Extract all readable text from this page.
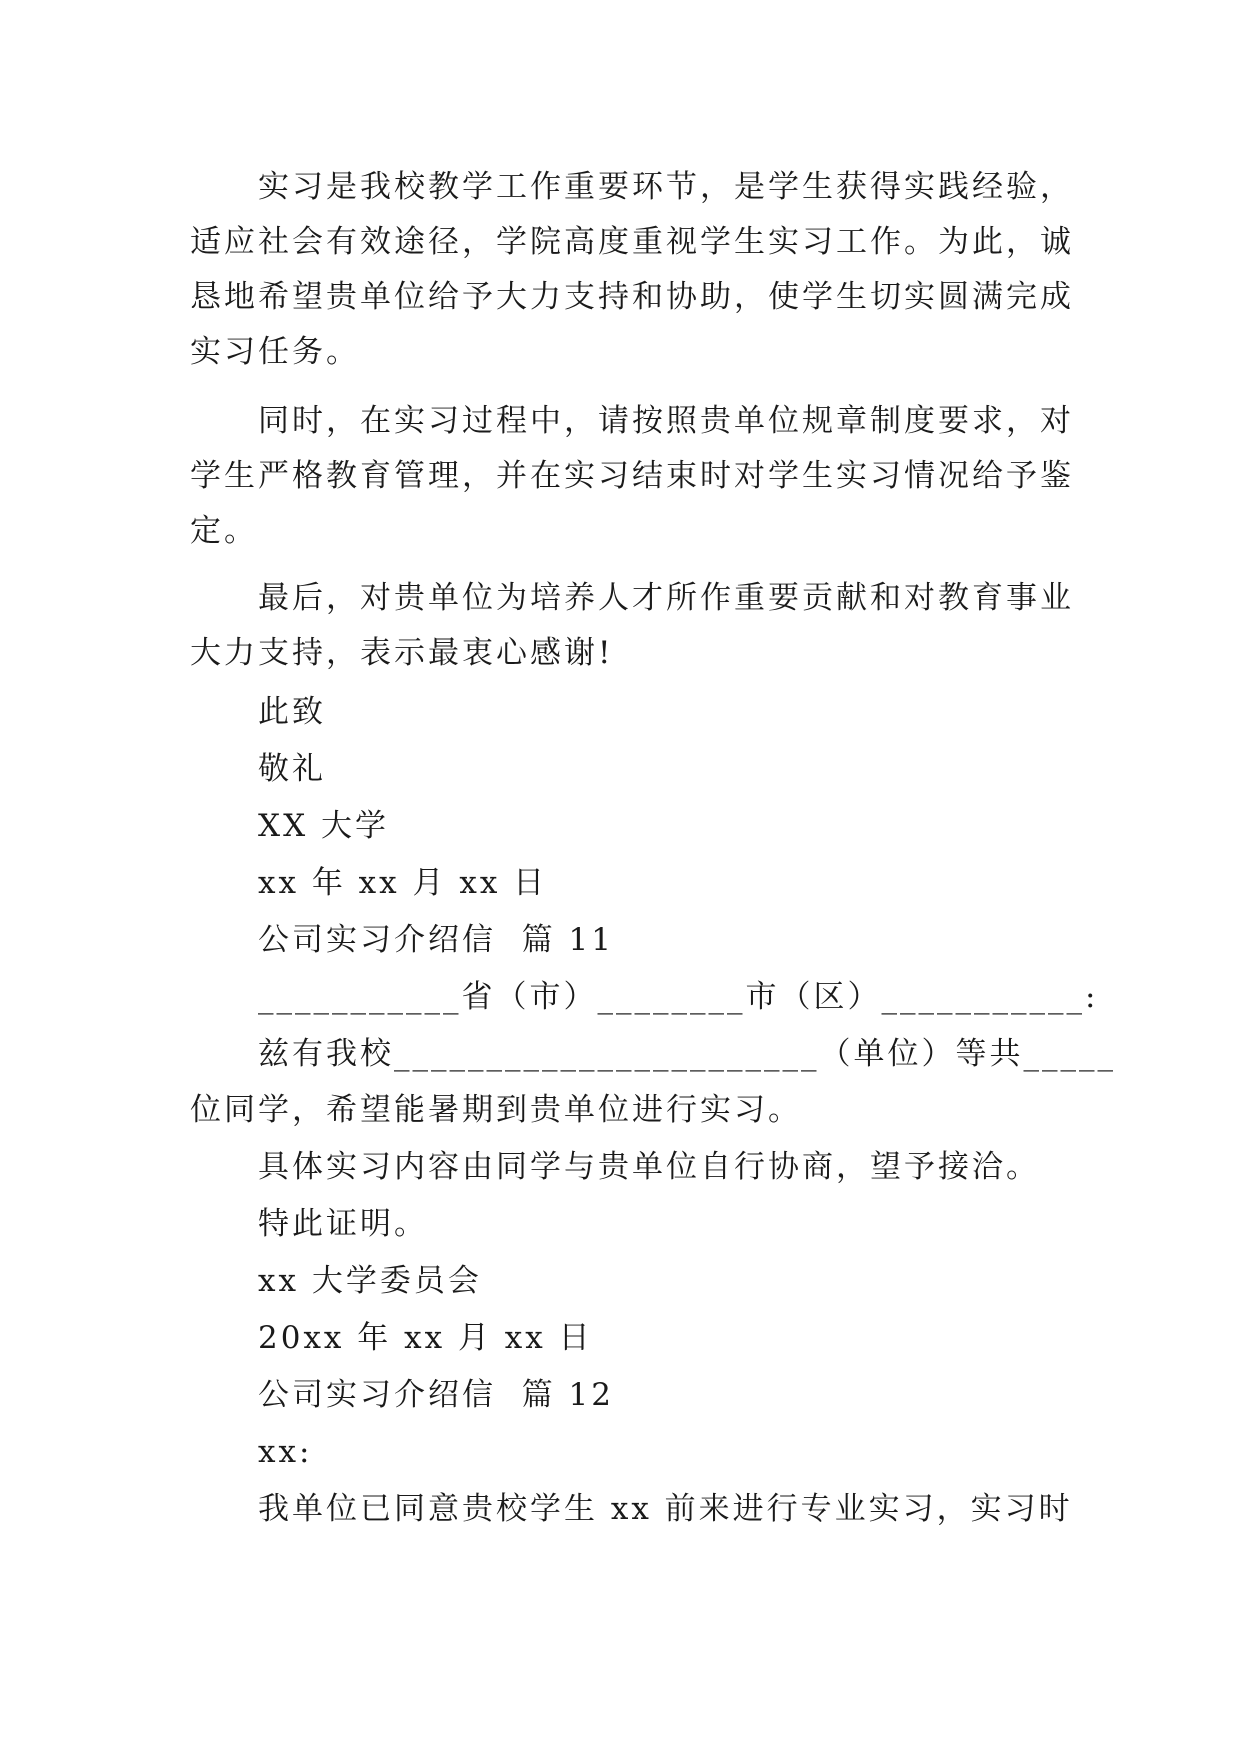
实习是我校教学工作重要环节，是学生获得实践经验，
适应社会有效途径，学院高度重视学生实习工作。为此，诚
恳地希望贵单位给予大力支持和协助，使学生切实圆满完成
实习任务。
同时，在实习过程中，请按照贵单位规章制度要求，对
学生严格教育管理，并在实习结束时对学生实习情况给予鉴
定。
最后，对贵单位为培养人才所作重要贡献和对教育事业
大力支持，表示最衷心感谢!
此致
敬礼
XX 大学
xx 年 xx 月 xx 日
公司实习介绍信  篇 11
___________省（市）________市（区）___________:
兹有我校_______________________（单位）等共_____
位同学，希望能暑期到贵单位进行实习。
具体实习内容由同学与贵单位自行协商，望予接洽。
特此证明。
xx 大学委员会
20xx 年 xx 月 xx 日
公司实习介绍信  篇 12
xx:
我单位已同意贵校学生 xx 前来进行专业实习，实习时
